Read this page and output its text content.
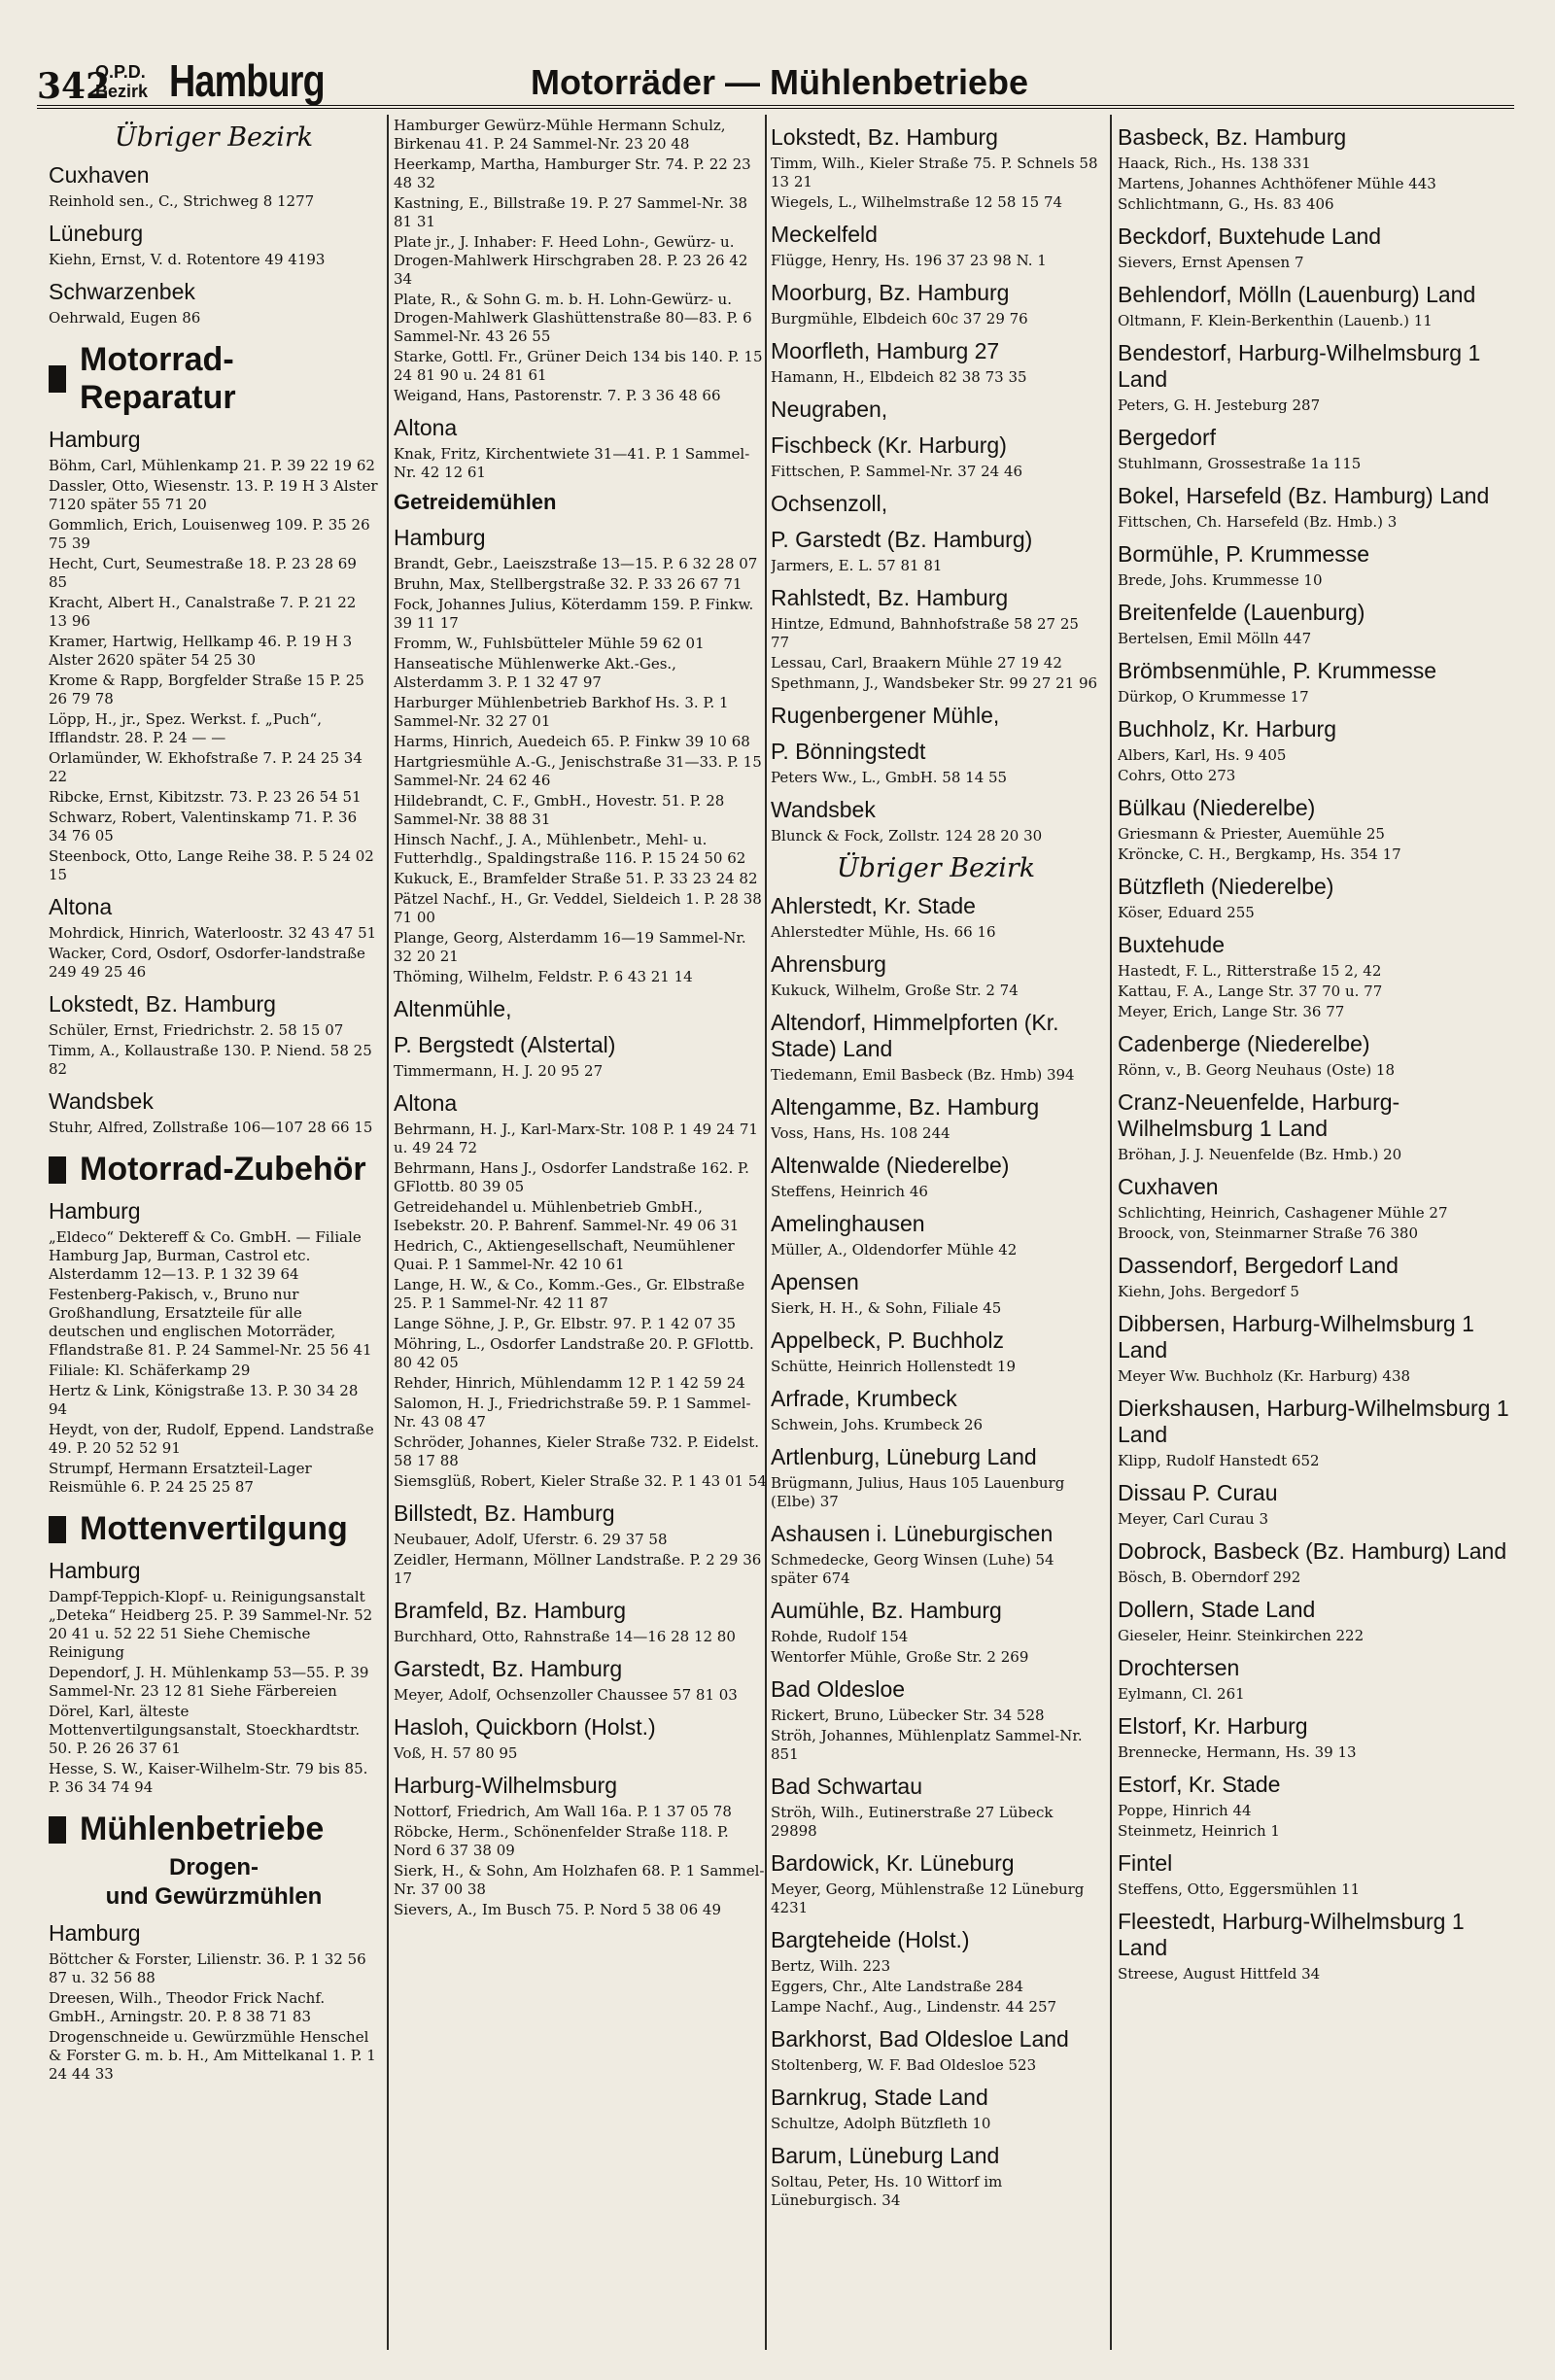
342
O.P.D.
Bezirk Hamburg	Motorräder — Mühlenbetriebe
Übriger Bezirk
Cuxhaven
Reinhold sen., C., Strichweg 8 1277
Lüneburg
Kiehn, Ernst, V. d. Rotentore 49 4193
Schwarzenbek
Oehrwald, Eugen 86
Motorrad-Reparatur
Hamburg
Böhm, Carl, Mühlenkamp 21. P. 39 22 19 62
Dassler, Otto, Wiesenstr. 13. P. 19 H 3 Alster 7120 später 55 71 20
Gommlich, Erich, Louisenweg 109. P. 35 26 75 39
Hecht, Curt, Seumestraße 18. P. 23 28 69 85
Kracht, Albert H., Canalstraße 7. P. 21 22 13 96
Kramer, Hartwig, Hellkamp 46. P. 19 H 3 Alster 2620 später 54 25 30
Krome & Rapp, Borgfelder Straße 15 P. 25 26 79 78
Löpp, H., jr., Spez. Werkst. f. „Puch“, Ifflandstr. 28. P. 24 — —
Orlamünder, W. Ekhofstraße 7. P. 24 25 34 22
Ribcke, Ernst, Kibitzstr. 73. P. 23 26 54 51
Schwarz, Robert, Valentinskamp 71. P. 36 34 76 05
Steenbock, Otto, Lange Reihe 38. P. 5 24 02 15
Altona
Mohrdick, Hinrich, Waterloostr. 32 43 47 51
Wacker, Cord, Osdorf, Osdorfer-landstraße 249 49 25 46
Lokstedt, Bz. Hamburg
Schüler, Ernst, Friedrichstr. 2. 58 15 07
Timm, A., Kollaustraße 130. P. Niend. 58 25 82
Wandsbek
Stuhr, Alfred, Zollstraße 106—107 28 66 15
Motorrad-Zubehör
Hamburg
„Eldeco“ Dektereff & Co. GmbH. — Filiale Hamburg Jap, Burman, Castrol etc. Alsterdamm 12—13. P. 1 32 39 64
Festenberg-Pakisch, v., Bruno nur Großhandlung, Ersatzteile für alle deutschen und englischen Motorräder, Fflandstraße 81. P. 24 Sammel-Nr. 25 56 41
Filiale: Kl. Schäferkamp 29
Hertz & Link, Königstraße 13. P. 30 34 28 94
Heydt, von der, Rudolf, Eppend. Landstraße 49. P. 20 52 52 91
Strumpf, Hermann Ersatzteil-Lager Reismühle 6. P. 24 25 25 87
Mottenvertilgung
Hamburg
Dampf-Teppich-Klopf- u. Reinigungsanstalt „Deteka“ Heidberg 25. P. 39 Sammel-Nr. 52 20 41 u. 52 22 51 Siehe Chemische Reinigung
Dependorf, J. H. Mühlenkamp 53—55. P. 39 Sammel-Nr. 23 12 81 Siehe Färbereien
Dörel, Karl, älteste Mottenvertilgungsanstalt, Stoeckhardtstr. 50. P. 26 26 37 61
Hesse, S. W., Kaiser-Wilhelm-Str. 79 bis 85. P. 36 34 74 94
Mühlenbetriebe
Drogen-
und Gewürzmühlen
Hamburg
Böttcher & Forster, Lilienstr. 36. P. 1 32 56 87 u. 32 56 88
Dreesen, Wilh., Theodor Frick Nachf. GmbH., Arningstr. 20. P. 8 38 71 83
Drogenschneide u. Gewürzmühle Henschel & Forster G. m. b. H., Am Mittelkanal 1. P. 1 24 44 33
Hamburger Gewürz-Mühle Hermann Schulz, Birkenau 41. P. 24 Sammel-Nr. 23 20 48
Heerkamp, Martha, Hamburger Str. 74. P. 22 23 48 32
Kastning, E., Billstraße 19. P. 27 Sammel-Nr. 38 81 31
Plate jr., J. Inhaber: F. Heed Lohn-, Gewürz- u. Drogen-Mahlwerk Hirschgraben 28. P. 23 26 42 34
Plate, R., & Sohn G. m. b. H. Lohn-Gewürz- u. Drogen-Mahlwerk Glashüttenstraße 80—83. P. 6 Sammel-Nr. 43 26 55
Starke, Gottl. Fr., Grüner Deich 134 bis 140. P. 15 24 81 90 u. 24 81 61
Weigand, Hans, Pastorenstr. 7. P. 3 36 48 66
Altona
Knak, Fritz, Kirchentwiete 31—41. P. 1 Sammel-Nr. 42 12 61
Getreidemühlen
Hamburg
Brandt, Gebr., Laeiszstraße 13—15. P. 6 32 28 07
Bruhn, Max, Stellbergstraße 32. P. 33 26 67 71
Fock, Johannes Julius, Köterdamm 159. P. Finkw. 39 11 17
Fromm, W., Fuhlsbütteler Mühle 59 62 01
Hanseatische Mühlenwerke Akt.-Ges., Alsterdamm 3. P. 1 32 47 97
Harburger Mühlenbetrieb Barkhof Hs. 3. P. 1 Sammel-Nr. 32 27 01
Harms, Hinrich, Auedeich 65. P. Finkw 39 10 68
Hartgriesmühle A.-G., Jenischstraße 31—33. P. 15 Sammel-Nr. 24 62 46
Hildebrandt, C. F., GmbH., Hovestr. 51. P. 28 Sammel-Nr. 38 88 31
Hinsch Nachf., J. A., Mühlenbetr., Mehl- u. Futterhdlg., Spaldingstraße 116. P. 15 24 50 62
Kukuck, E., Bramfelder Straße 51. P. 33 23 24 82
Pätzel Nachf., H., Gr. Veddel, Sieldeich 1. P. 28 38 71 00
Plange, Georg, Alsterdamm 16—19 Sammel-Nr. 32 20 21
Thöming, Wilhelm, Feldstr. P. 6 43 21 14
Altenmühle,
P. Bergstedt (Alstertal)
Timmermann, H. J. 20 95 27
Altona
Behrmann, H. J., Karl-Marx-Str. 108 P. 1 49 24 71 u. 49 24 72
Behrmann, Hans J., Osdorfer Landstraße 162. P. GFlottb. 80 39 05
Getreidehandel u. Mühlenbetrieb GmbH., Isebekstr. 20. P. Bahrenf. Sammel-Nr. 49 06 31
Hedrich, C., Aktiengesellschaft, Neumühlener Quai. P. 1 Sammel-Nr. 42 10 61
Lange, H. W., & Co., Komm.-Ges., Gr. Elbstraße 25. P. 1 Sammel-Nr. 42 11 87
Lange Söhne, J. P., Gr. Elbstr. 97. P. 1 42 07 35
Möhring, L., Osdorfer Landstraße 20. P. GFlottb. 80 42 05
Rehder, Hinrich, Mühlendamm 12 P. 1 42 59 24
Salomon, H. J., Friedrichstraße 59. P. 1 Sammel-Nr. 43 08 47
Schröder, Johannes, Kieler Straße 732. P. Eidelst. 58 17 88
Siemsglüß, Robert, Kieler Straße 32. P. 1 43 01 54
Billstedt, Bz. Hamburg
Neubauer, Adolf, Uferstr. 6. 29 37 58
Zeidler, Hermann, Möllner Landstraße. P. 2 29 36 17
Bramfeld, Bz. Hamburg
Burchhard, Otto, Rahnstraße 14—16 28 12 80
Garstedt, Bz. Hamburg
Meyer, Adolf, Ochsenzoller Chaussee 57 81 03
Hasloh, Quickborn (Holst.)
Voß, H. 57 80 95
Harburg-Wilhelmsburg
Nottorf, Friedrich, Am Wall 16a. P. 1 37 05 78
Röbcke, Herm., Schönenfelder Straße 118. P. Nord 6 37 38 09
Sierk, H., & Sohn, Am Holzhafen 68. P. 1 Sammel-Nr. 37 00 38
Sievers, A., Im Busch 75. P. Nord 5 38 06 49
Lokstedt, Bz. Hamburg
Timm, Wilh., Kieler Straße 75. P. Schnels 58 13 21
Wiegels, L., Wilhelmstraße 12 58 15 74
Meckelfeld
Flügge, Henry, Hs. 196 37 23 98 N. 1
Moorburg, Bz. Hamburg
Burgmühle, Elbdeich 60c 37 29 76
Moorfleth, Hamburg 27
Hamann, H., Elbdeich 82 38 73 35
Neugraben,
Fischbeck (Kr. Harburg)
Fittschen, P. Sammel-Nr. 37 24 46
Ochsenzoll,
P. Garstedt (Bz. Hamburg)
Jarmers, E. L. 57 81 81
Rahlstedt, Bz. Hamburg
Hintze, Edmund, Bahnhofstraße 58 27 25 77
Lessau, Carl, Braakern Mühle 27 19 42
Spethmann, J., Wandsbeker Str. 99 27 21 96
Rugenbergener Mühle,
P. Bönningstedt
Peters Ww., L., GmbH. 58 14 55
Wandsbek
Blunck & Fock, Zollstr. 124 28 20 30
Übriger Bezirk
Ahlerstedt, Kr. Stade
Ahlerstedter Mühle, Hs. 66 16
Ahrensburg
Kukuck, Wilhelm, Große Str. 2 74
Altendorf, Himmelpforten (Kr. Stade) Land
Tiedemann, Emil Basbeck (Bz. Hmb) 394
Altengamme, Bz. Hamburg
Voss, Hans, Hs. 108 244
Altenwalde (Niederelbe)
Steffens, Heinrich 46
Amelinghausen
Müller, A., Oldendorfer Mühle 42
Apensen
Sierk, H. H., & Sohn, Filiale 45
Appelbeck, P. Buchholz
Schütte, Heinrich Hollenstedt 19
Arfrade, Krumbeck
Schwein, Johs. Krumbeck 26
Artlenburg, Lüneburg Land
Brügmann, Julius, Haus 105 Lauenburg (Elbe) 37
Ashausen i. Lüneburgischen
Schmedecke, Georg Winsen (Luhe) 54 später 674
Aumühle, Bz. Hamburg
Rohde, Rudolf 154
Wentorfer Mühle, Große Str. 2 269
Bad Oldesloe
Rickert, Bruno, Lübecker Str. 34 528
Ströh, Johannes, Mühlenplatz Sammel-Nr. 851
Bad Schwartau
Ströh, Wilh., Eutinerstraße 27 Lübeck 29898
Bardowick, Kr. Lüneburg
Meyer, Georg, Mühlenstraße 12 Lüneburg 4231
Bargteheide (Holst.)
Bertz, Wilh. 223
Eggers, Chr., Alte Landstraße 284
Lampe Nachf., Aug., Lindenstr. 44 257
Barkhorst, Bad Oldesloe Land
Stoltenberg, W. F. Bad Oldesloe 523
Barnkrug, Stade Land
Schultze, Adolph Bützfleth 10
Barum, Lüneburg Land
Soltau, Peter, Hs. 10 Wittorf im Lüneburgisch. 34
Basbeck, Bz. Hamburg
Haack, Rich., Hs. 138 331
Martens, Johannes Achthöfener Mühle 443
Schlichtmann, G., Hs. 83 406
Beckdorf, Buxtehude Land
Sievers, Ernst Apensen 7
Behlendorf, Mölln (Lauenburg) Land
Oltmann, F. Klein-Berkenthin (Lauenb.) 11
Bendestorf, Harburg-Wilhelmsburg 1 Land
Peters, G. H. Jesteburg 287
Bergedorf
Stuhlmann, Grossestraße 1a 115
Bokel, Harsefeld (Bz. Hamburg) Land
Fittschen, Ch. Harsefeld (Bz. Hmb.) 3
Bormühle, P. Krummesse
Brede, Johs. Krummesse 10
Breitenfelde (Lauenburg)
Bertelsen, Emil Mölln 447
Brömbsenmühle, P. Krummesse
Dürkop, O Krummesse 17
Buchholz, Kr. Harburg
Albers, Karl, Hs. 9 405
Cohrs, Otto 273
Bülkau (Niederelbe)
Griesmann & Priester, Auemühle 25
Kröncke, C. H., Bergkamp, Hs. 354 17
Bützfleth (Niederelbe)
Köser, Eduard 255
Buxtehude
Hastedt, F. L., Ritterstraße 15 2, 42
Kattau, F. A., Lange Str. 37 70 u. 77
Meyer, Erich, Lange Str. 36 77
Cadenberge (Niederelbe)
Rönn, v., B. Georg Neuhaus (Oste) 18
Cranz-Neuenfelde, Harburg-Wilhelmsburg 1 Land
Bröhan, J. J. Neuenfelde (Bz. Hmb.) 20
Cuxhaven
Schlichting, Heinrich, Cashagener Mühle 27
Broock, von, Steinmarner Straße 76 380
Dassendorf, Bergedorf Land
Kiehn, Johs. Bergedorf 5
Dibbersen, Harburg-Wilhelmsburg 1 Land
Meyer Ww. Buchholz (Kr. Harburg) 438
Dierkshausen, Harburg-Wilhelmsburg 1 Land
Klipp, Rudolf Hanstedt 652
Dissau P. Curau
Meyer, Carl Curau 3
Dobrock, Basbeck (Bz. Hamburg) Land
Bösch, B. Oberndorf 292
Dollern, Stade Land
Gieseler, Heinr. Steinkirchen 222
Drochtersen
Eylmann, Cl. 261
Elstorf, Kr. Harburg
Brennecke, Hermann, Hs. 39 13
Estorf, Kr. Stade
Poppe, Hinrich 44
Steinmetz, Heinrich 1
Fintel
Steffens, Otto, Eggersmühlen 11
Fleestedt, Harburg-Wilhelmsburg 1 Land
Streese, August Hittfeld 34
